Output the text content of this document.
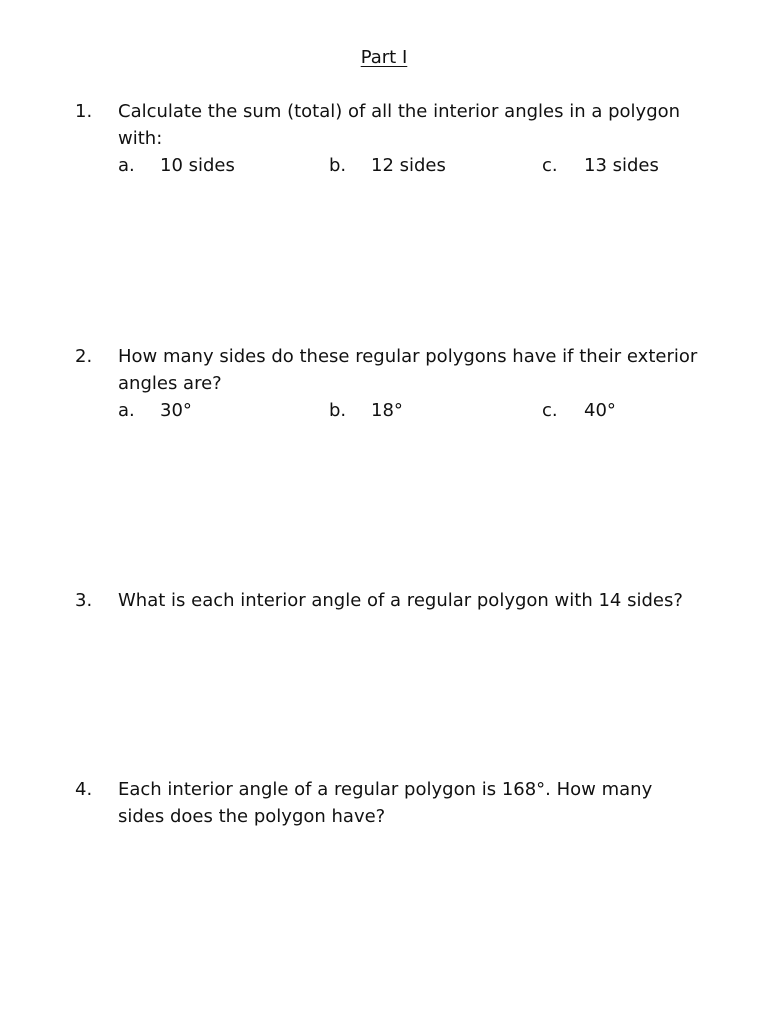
Part I
1. Calculate the sum (total) of all the interior angles in a polygon with:
a. 10 sides	b. 12 sides	c. 13 sides
2. How many sides do these regular polygons have if their exterior angles are?
a. 30°	b. 18°	c. 40°
3. What is each interior angle of a regular polygon with 14 sides?
4. Each interior angle of a regular polygon is 168°. How many sides does the polygon have?
